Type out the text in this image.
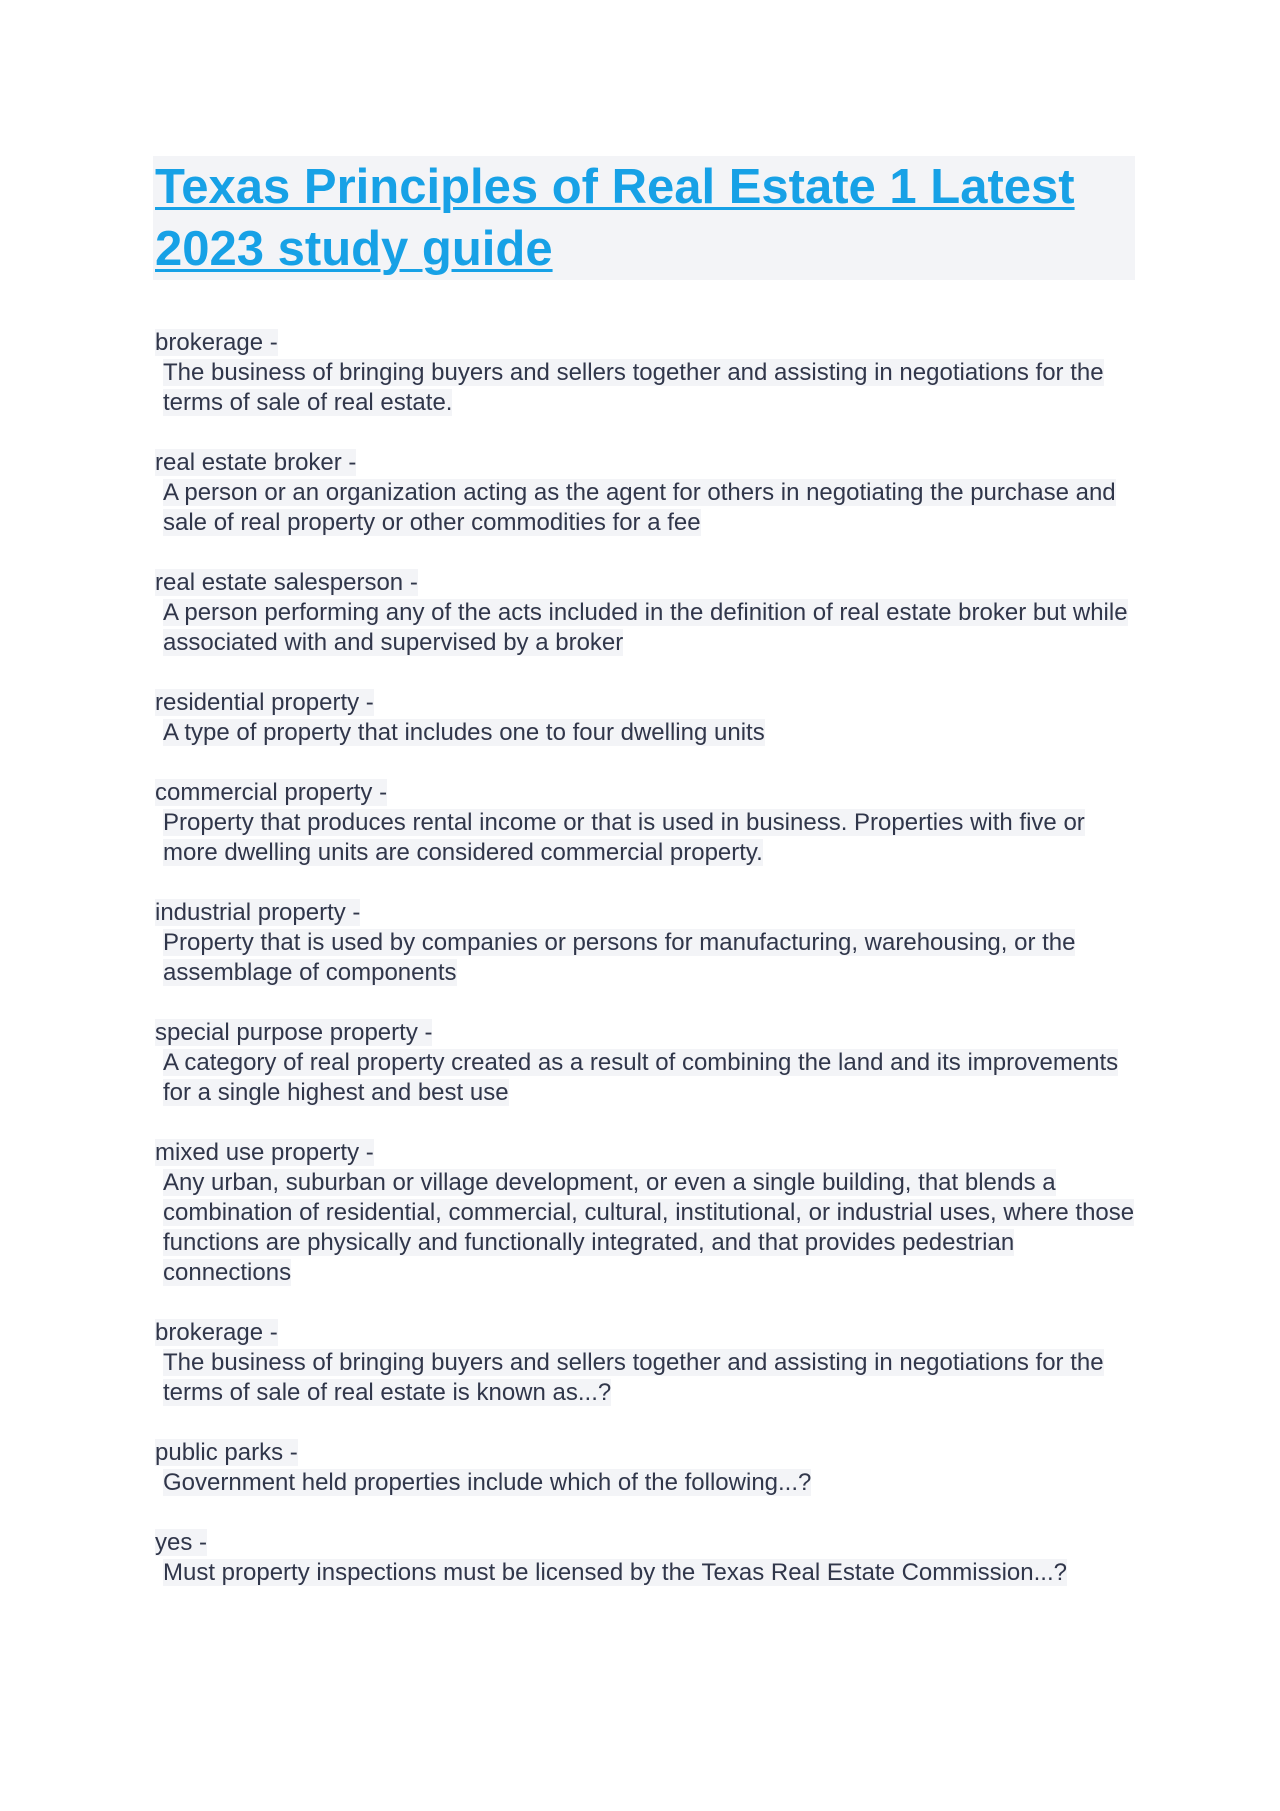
Texas Principles of Real Estate 1 Latest 2023 study guide
brokerage -
The business of bringing buyers and sellers together and assisting in negotiations for the terms of sale of real estate.
real estate broker -
A person or an organization acting as the agent for others in negotiating the purchase and sale of real property or other commodities for a fee
real estate salesperson -
A person performing any of the acts included in the definition of real estate broker but while associated with and supervised by a broker
residential property -
A type of property that includes one to four dwelling units
commercial property -
Property that produces rental income or that is used in business. Properties with five or more dwelling units are considered commercial property.
industrial property -
Property that is used by companies or persons for manufacturing, warehousing, or the assemblage of components
special purpose property -
A category of real property created as a result of combining the land and its improvements for a single highest and best use
mixed use property -
Any urban, suburban or village development, or even a single building, that blends a combination of residential, commercial, cultural, institutional, or industrial uses, where those functions are physically and functionally integrated, and that provides pedestrian connections
brokerage -
The business of bringing buyers and sellers together and assisting in negotiations for the terms of sale of real estate is known as...?
public parks -
Government held properties include which of the following...?
yes -
Must property inspections must be licensed by the Texas Real Estate Commission...?
